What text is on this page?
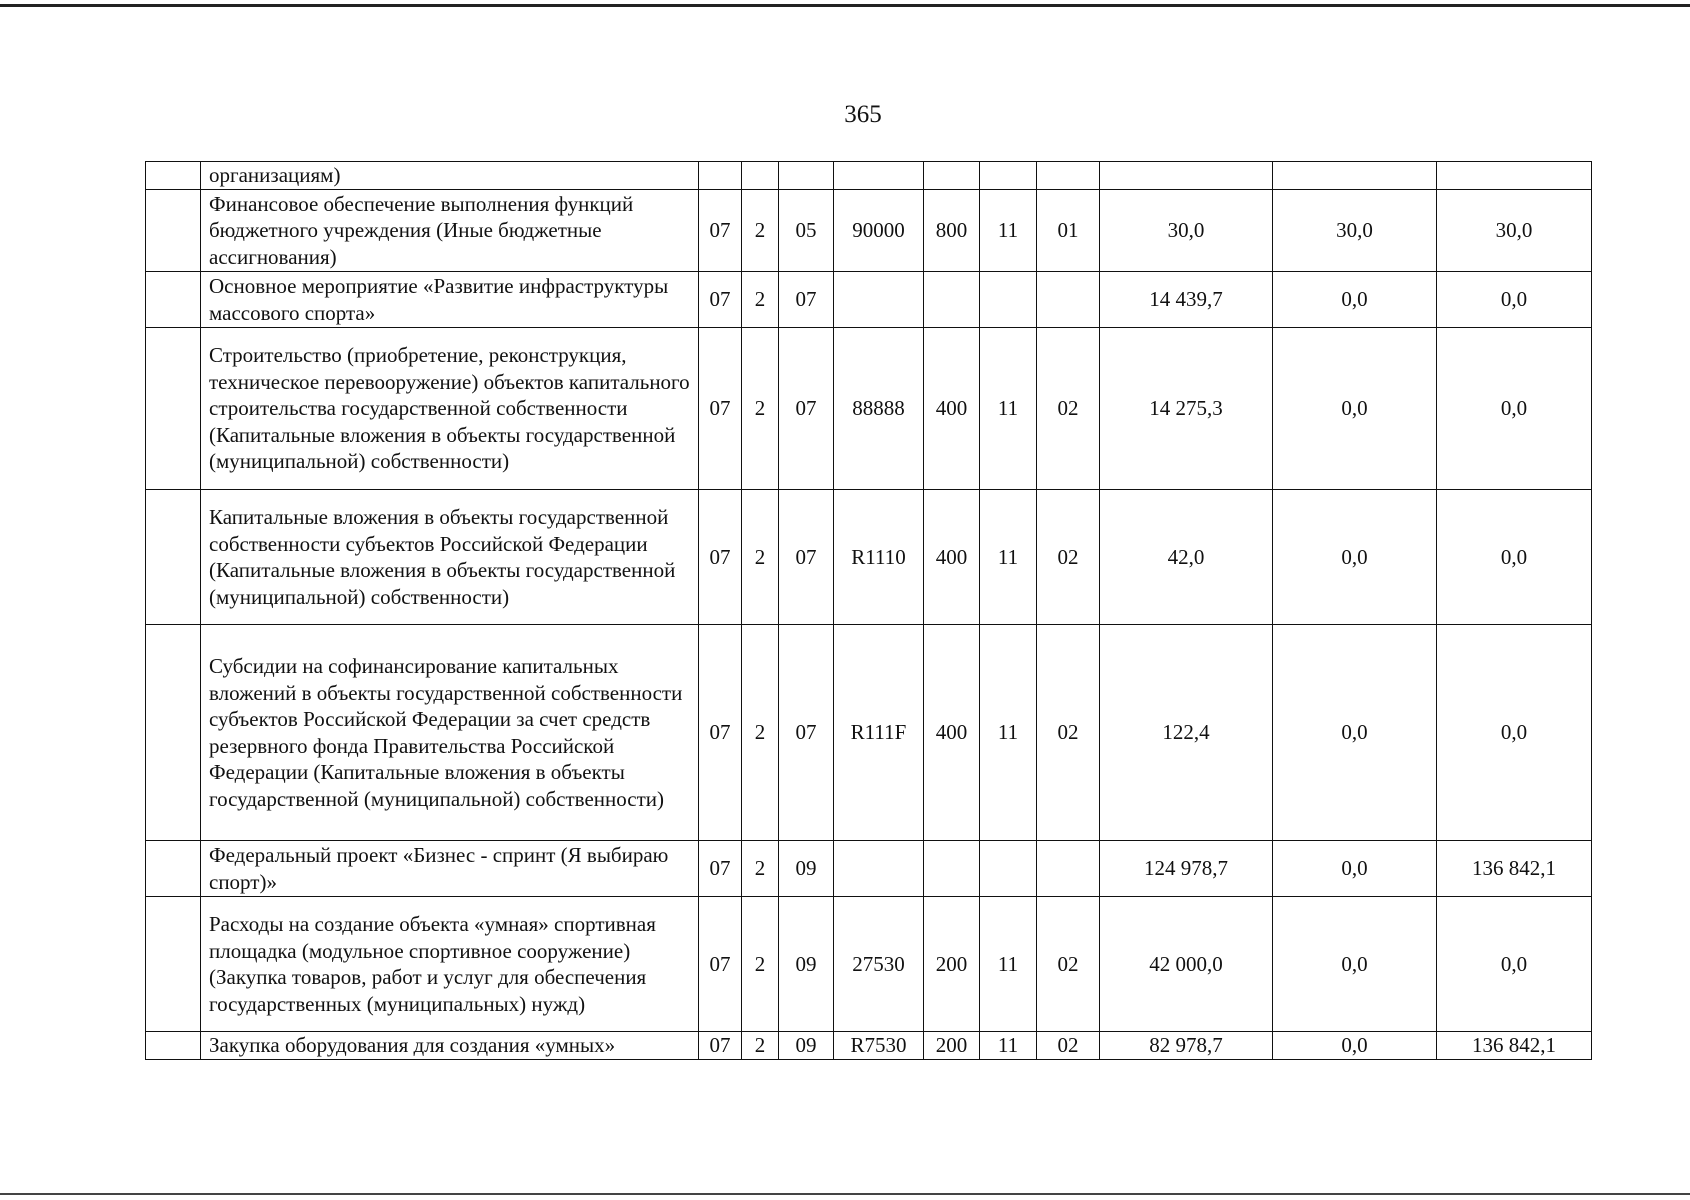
365
	организациям)										
	Финансовое обеспечение выполнения функций бюджетного учреждения (Иные бюджетные ассигнования)	07	2	05	90000	800	11	01	30,0	30,0	30,0
	Основное мероприятие «Развитие инфраструктуры массового спорта»	07	2	07					14 439,7	0,0	0,0
	Строительство (приобретение, реконструкция, техническое перевооружение) объектов капитального строительства государственной собственности (Капитальные вложения в объекты государственной (муниципальной) собственности)	07	2	07	88888	400	11	02	14 275,3	0,0	0,0
	Капитальные вложения в объекты государственной собственности субъектов Российской Федерации (Капитальные вложения в объекты государственной (муниципальной) собственности)	07	2	07	R1110	400	11	02	42,0	0,0	0,0
	Субсидии на софинансирование капитальных вложений в объекты государственной собственности субъектов Российской Федерации за счет средств резервного фонда Правительства Российской Федерации (Капитальные вложения в объекты государственной (муниципальной) собственности)	07	2	07	R111F	400	11	02	122,4	0,0	0,0
	Федеральный проект «Бизнес - спринт (Я выбираю спорт)»	07	2	09					124 978,7	0,0	136 842,1
	Расходы на создание объекта «умная» спортивная площадка (модульное спортивное сооружение) (Закупка товаров, работ и услуг для обеспечения государственных (муниципальных) нужд)	07	2	09	27530	200	11	02	42 000,0	0,0	0,0
	Закупка оборудования для создания «умных»	07	2	09	R7530	200	11	02	82 978,7	0,0	136 842,1
